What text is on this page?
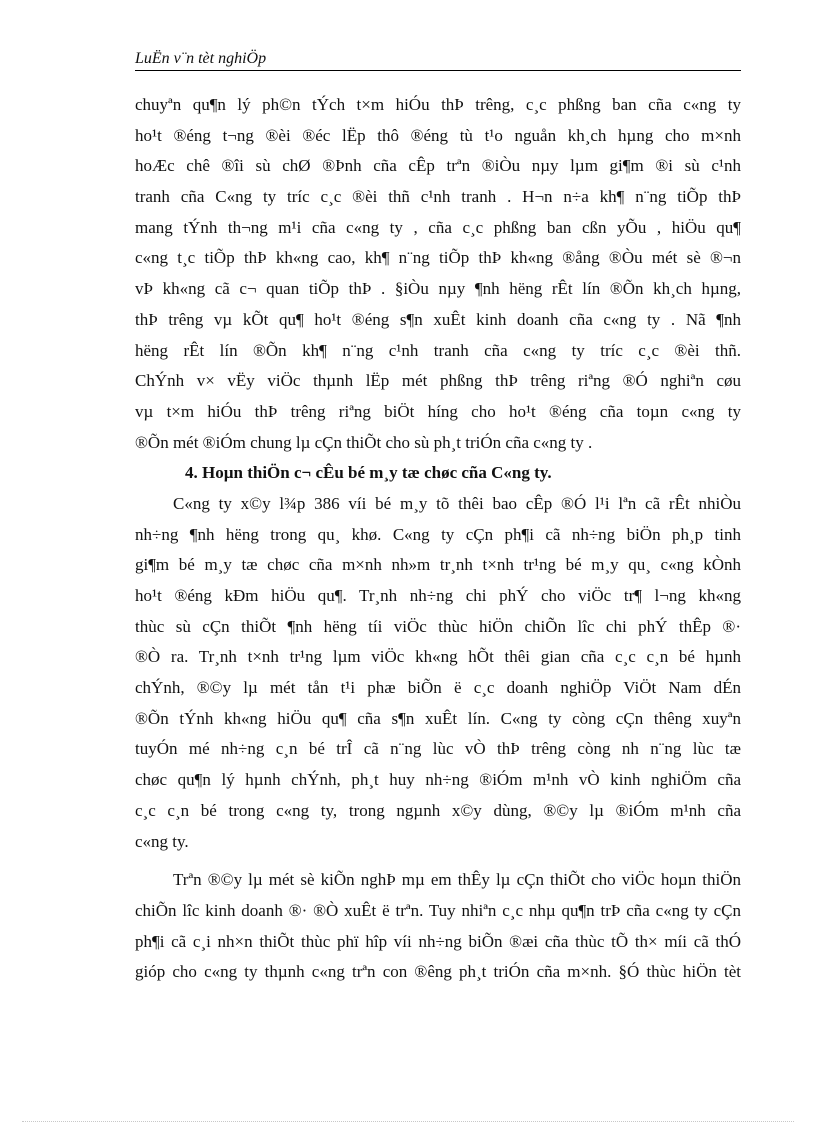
LuËn v¨n tèt nghiÖp
chuyªn qu¶n lý ph©n tÝch t×m hiÓu thÞ trêng, c¸c phßng ban cña c«ng ty
ho¹t ®éng t¬ng ®èi ®éc lËp thô ®éng tù t¹o nguån kh¸ch hµng cho m×nh
hoÆc chê ®îi sù chØ ®Þnh cña cÊp trªn ®iÒu nµy lµm gi¶m ®i sù c¹nh
tranh cña C«ng ty tríc c¸c ®èi thñ c¹nh tranh . H¬n n÷a kh¶ n¨ng tiÕp thÞ
mang tÝnh th¬ng m¹i cña c«ng ty , cña c¸c phßng ban cßn yÕu , hiÖu qu¶
c«ng t¸c tiÕp thÞ kh«ng cao, kh¶ n¨ng tiÕp thÞ kh«ng ®ång ®Òu mét sè ®¬n
vÞ kh«ng cã c¬ quan tiÕp thÞ . §iÒu nµy ¶nh hëng rÊt lín ®Õn kh¸ch hµng,
thÞ trêng vµ kÕt qu¶ ho¹t ®éng s¶n xuÊt kinh doanh cña c«ng ty . Nã ¶nh
hëng rÊt lín ®Õn kh¶ n¨ng c¹nh tranh cña c«ng ty tríc c¸c ®èi thñ.
ChÝnh v× vËy viÖc thµnh lËp mét phßng thÞ trêng riªng ®Ó nghiªn cøu
vµ t×m hiÓu thÞ trêng riªng biÖt híng cho ho¹t ®éng cña toµn c«ng ty
®Õn mét ®iÓm chung lµ cÇn thiÕt cho sù ph¸t triÓn cña c«ng ty .
4. Hoµn thiÖn c¬ cÊu bé m¸y tæ chøc cña C«ng ty.
C«ng ty x©y l¾p 386 víi bé m¸y tõ thêi bao cÊp ®Ó l¹i lªn cã rÊt nhiÒu
nh÷ng ¶nh hëng trong qu¸ khø. C«ng ty cÇn ph¶i cã nh÷ng biÖn ph¸p tinh
gi¶m bé m¸y tæ chøc cña m×nh nh»m tr¸nh t×nh tr¹ng bé m¸y qu¸ c«ng kÒnh
ho¹t ®éng kÐm hiÖu qu¶. Tr¸nh nh÷ng chi phÝ cho viÖc tr¶ l¬ng kh«ng
thùc sù cÇn thiÕt ¶nh hëng tíi viÖc thùc hiÖn chiÕn lîc chi phÝ thÊp ®·
®Ò ra. Tr¸nh t×nh tr¹ng lµm viÖc kh«ng hÕt thêi gian cña c¸c c¸n bé hµnh
chÝnh, ®©y lµ mét tån t¹i phæ biÕn ë c¸c doanh nghiÖp ViÖt Nam dÉn
®Õn tÝnh kh«ng hiÖu qu¶ cña s¶n xuÊt lín. C«ng ty còng cÇn thêng xuyªn
tuyÓn mé nh÷ng c¸n bé trÎ cã n¨ng lùc vÒ thÞ trêng còng nh n¨ng lùc tæ
chøc qu¶n lý hµnh chÝnh, ph¸t huy nh÷ng ®iÓm m¹nh vÒ kinh nghiÖm cña
c¸c c¸n bé trong c«ng ty, trong ngµnh x©y dùng, ®©y lµ ®iÓm m¹nh cña
c«ng ty.
Trªn ®©y lµ mét sè kiÕn nghÞ mµ em thÊy lµ cÇn thiÕt cho viÖc hoµn thiÖn
chiÕn lîc kinh doanh ®· ®Ò xuÊt ë trªn. Tuy nhiªn c¸c nhµ qu¶n trÞ cña c«ng ty cÇn
ph¶i cã c¸i nh×n thiÕt thùc phï hîp víi nh÷ng biÕn ®æi cña thùc tÕ th× míi cã thÓ
gióp cho c«ng ty thµnh c«ng trªn con ®êng ph¸t triÓn cña m×nh. §Ó thùc hiÖn tèt
